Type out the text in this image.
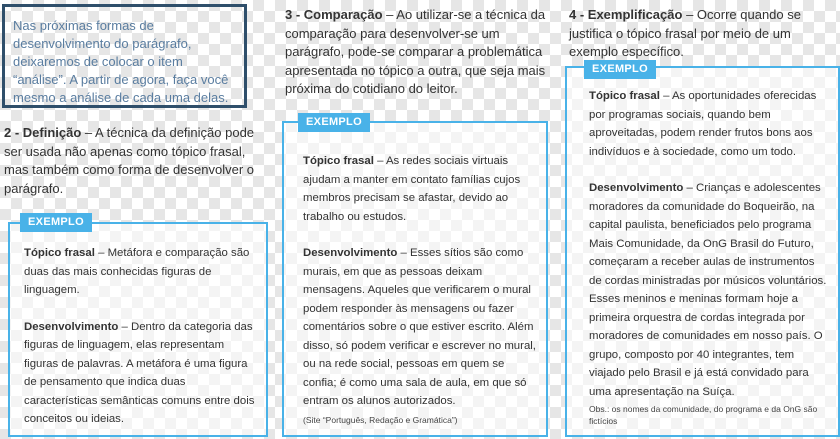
Nas próximas formas de desenvolvimento do parágrafo, deixaremos de colocar o item “análise”. A partir de agora, faça você mesmo a análise de cada uma delas.
2 - Definição – A técnica da definição pode ser usada não apenas como tópico frasal, mas também como forma de desenvolver o parágrafo.

Tópico frasal – Metáfora e comparação são duas das mais conhecidas figuras de linguagem.

Desenvolvimento – Dentro da categoria das figuras de linguagem, elas representam figuras de palavras. A metáfora é uma figura de pensamento que indica duas características semânticas comuns entre dois conceitos ou ideias.

EXEMPLO
3 - Comparação – Ao utilizar-se a técnica da comparação para desenvolver-se um parágrafo, pode-se comparar a problemática apresentada no tópico a outra, que seja mais próxima do cotidiano do leitor.

Tópico frasal – As redes sociais virtuais ajudam a manter em contato famílias cujos membros precisam se afastar, devido ao trabalho ou estudos.

Desenvolvimento – Esses sítios são como murais, em que as pessoas deixam mensagens. Aqueles que verificarem o mural podem responder às mensagens ou fazer comentários sobre o que estiver escrito. Além disso, só podem verificar e escrever no mural, ou na rede social, pessoas em quem se confia; é como uma sala de aula, em que só entram os alunos autorizados.

(Site “Português, Redação e Gramática”)

EXEMPLO
4 - Exemplificação – Ocorre quando se justifica o tópico frasal por meio de um exemplo específico.

Tópico frasal – As oportunidades oferecidas por programas sociais, quando bem aproveitadas, podem render frutos bons aos indivíduos e à sociedade, como um todo.

Desenvolvimento – Crianças e adolescentes moradores da comunidade do Boqueirão, na capital paulista, beneficiados pelo programa Mais Comunidade, da OnG Brasil do Futuro, começaram a receber aulas de instrumentos de cordas ministradas por músicos voluntários. Esses meninos e meninas formam hoje a primeira orquestra de cordas integrada por moradores de comunidades em nosso país. O grupo, composto por 40 integrantes, tem viajado pelo Brasil e já está convidado para uma apresentação na Suíça.

Obs.: os nomes da comunidade, do programa e da OnG são fictícios

EXEMPLO
